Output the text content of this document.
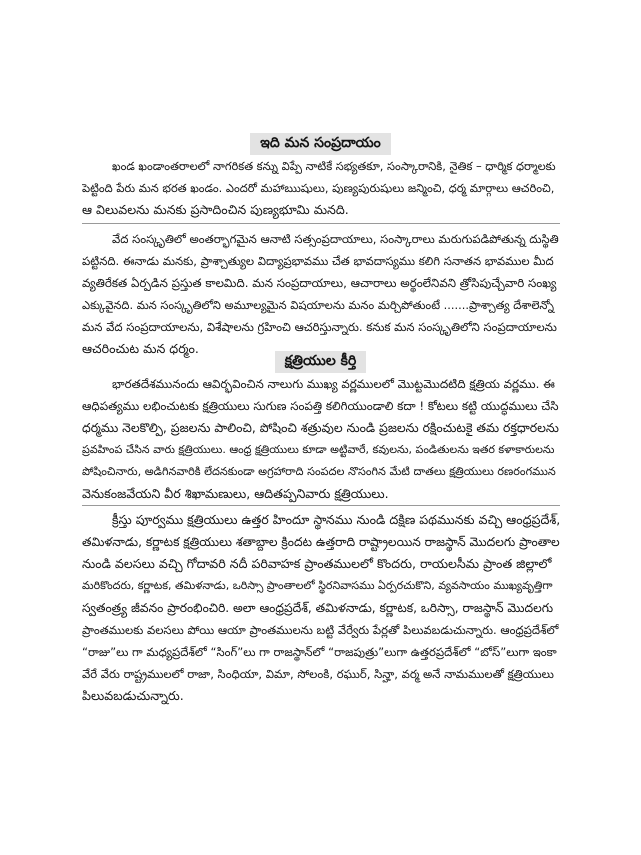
ఇది మన సంప్రదాయం
ఖండ ఖండాంతరాలలో నాగరికత కన్ను విప్పే నాటికే సభ్యతకూ, సంస్కారానికి, నైతిక – ధార్మిక ధర్మాలకు
పెట్టింది పేరు మన భరత ఖండం. ఎందరో మహాఋషులు, పుణ్యపురుషులు జన్మించి, ధర్మ మార్గాలు ఆచరించి,
ఆ విలువలను మనకు ప్రసాదించిన పుణ్యభూమి మనది.
వేద సంస్కృతిలో అంతర్భాగమైన ఆనాటి సత్సంప్రదాయాలు, సంస్కారాలు మరుగుపడిపోతున్న దుస్థితి
పట్టినది. ఈనాడు మనకు, ప్రాశ్చాత్యుల విద్యాప్రభావము చేత భావదాస్యము కలిగి సనాతన భావముల మీద
వ్యతిరేకత ఏర్పడిన ప్రస్తుత కాలమిది. మన సంప్రదాయాలు, ఆచారాలు అర్థంలేనివని త్రోసిపుచ్చేవారి సంఖ్య
ఎక్కువైనది. మన సంస్కృతిలోని అమూల్యమైన విషయాలను మనం మర్చిపోతుంటే .......ప్రాశ్చాత్య దేశాలెన్నో
మన వేద సంప్రదాయాలను, విశేషాలను గ్రహించి ఆచరిస్తున్నారు. కనుక మన సంస్కృతిలోని సంప్రదాయాలను
ఆచరించుట మన ధర్మం.
క్షత్రియుల కీర్తి
భారతదేశమునందు ఆవిర్భవించిన నాలుగు ముఖ్య వర్ణములలో మొట్టమొదటిది క్షత్రియ వర్ణము. ఈ
ఆధిపత్యము లభించుటకు క్షత్రియులు సుగుణ సంపత్తి కలిగియుండాలి కదా ! కోటలు కట్టి యుద్ధములు చేసి
ధర్మము నెలకొల్పి, ప్రజలను పాలించి, పోషించి శత్రువుల నుండి ప్రజలను రక్షించుటకై తమ రక్తధారలను
ప్రవహింప చేసిన వారు క్షత్రియులు. ఆంధ్ర క్షత్రియులు కూడా అట్టివారే, కవులను, పండితులను ఇతర కళాకారులను
పోషించినారు, అడిగినవారికి లేదనకుండా అగ్రహారాది సంపదల నొసంగిన మేటి దాతలు క్షత్రియులు రణరంగమున
వెనుకంజవేయని వీర శిఖామణులు, ఆదితప్పనివారు క్షత్రియులు.
క్రీస్తు పూర్వము క్షత్రియులు ఉత్తర హిందూ స్థానము నుండి దక్షిణ పథమునకు వచ్చి ఆంధ్రప్రదేశ్,
తమిళనాడు, కర్ణాటక క్షత్రియులు శతాబ్దాల క్రిందట ఉత్తరాది రాష్ట్రాలయిన రాజస్థాన్ మొదలగు ప్రాంతాల
నుండి వలసలు వచ్చి గోదావరి నదీ పరివాహక ప్రాంతములలో కొందరు, రాయలసీమ ప్రాంత జిల్లాలో
మరికొందరు, కర్ణాటక, తమిళనాడు, ఒరిస్సా ప్రాంతాలలో స్థిరనివాసము ఏర్పరచుకొని, వ్యవసాయం ముఖ్యవృత్తిగా
స్వతంత్ర్య జీవనం ప్రారంభించిరి. అలా ఆంధ్రప్రదేశ్, తమిళనాడు, కర్ణాటక, ఒరిస్సా, రాజస్థాన్ మొదలగు
ప్రాంతములకు వలసలు పోయి ఆయా ప్రాంతములను బట్టి వేర్వేరు పేర్లతో పిలువబడుచున్నారు. ఆంధ్రప్రదేశ్‌లో
“రాజు”లు గా మధ్యప్రదేశ్‌లో “సింగ్”లు గా రాజస్థాన్‌లో “రాజపుత్రు”లుగా ఉత్తరప్రదేశ్‌లో “బోస్”లుగా ఇంకా
వేరే వేరు రాష్ట్రములలో రాజా, సింధియా, విమా, సోలంకి, రఘుర్, సిన్హా, వర్మ అనే నామములతో క్షత్రియులు
పిలువబడుచున్నారు.
